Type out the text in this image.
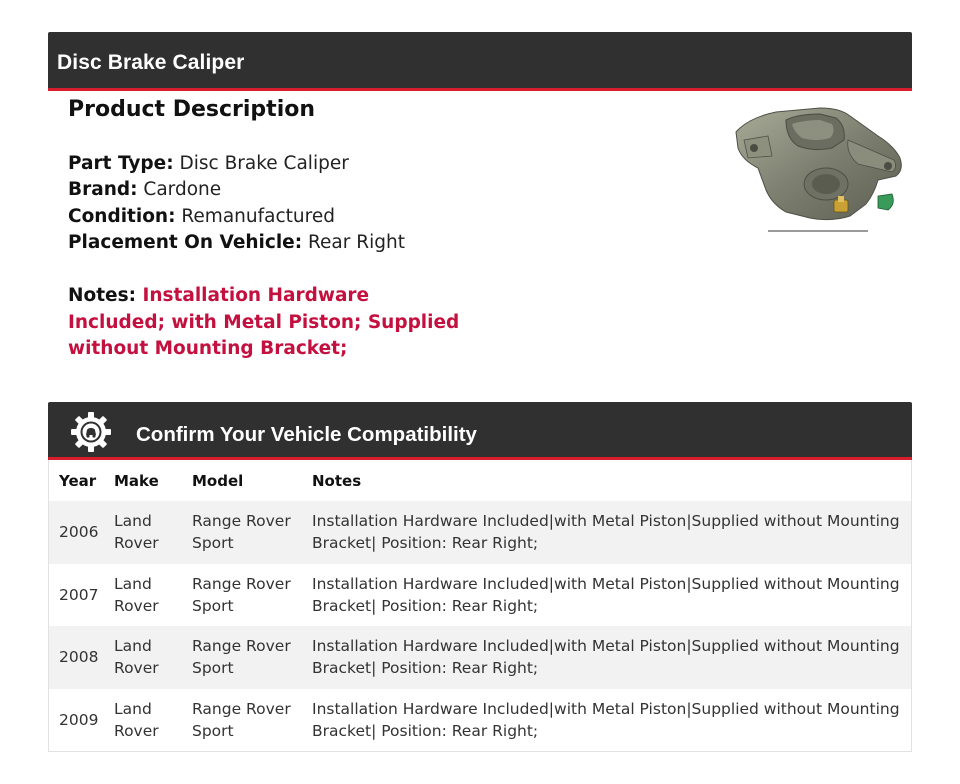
Disc Brake Caliper
Product Description
Part Type: Disc Brake Caliper
Brand: Cardone
Condition: Remanufactured
Placement On Vehicle: Rear Right
Notes: Installation Hardware Included; with Metal Piston; Supplied without Mounting Bracket;
Confirm Your Vehicle Compatibility
Year	Make	Model	Notes
2006	Land Rover	Range Rover Sport	Installation Hardware Included|with Metal Piston|Supplied without Mounting Bracket| Position: Rear Right;
2007	Land Rover	Range Rover Sport	Installation Hardware Included|with Metal Piston|Supplied without Mounting Bracket| Position: Rear Right;
2008	Land Rover	Range Rover Sport	Installation Hardware Included|with Metal Piston|Supplied without Mounting Bracket| Position: Rear Right;
2009	Land Rover	Range Rover Sport	Installation Hardware Included|with Metal Piston|Supplied without Mounting Bracket| Position: Rear Right;
